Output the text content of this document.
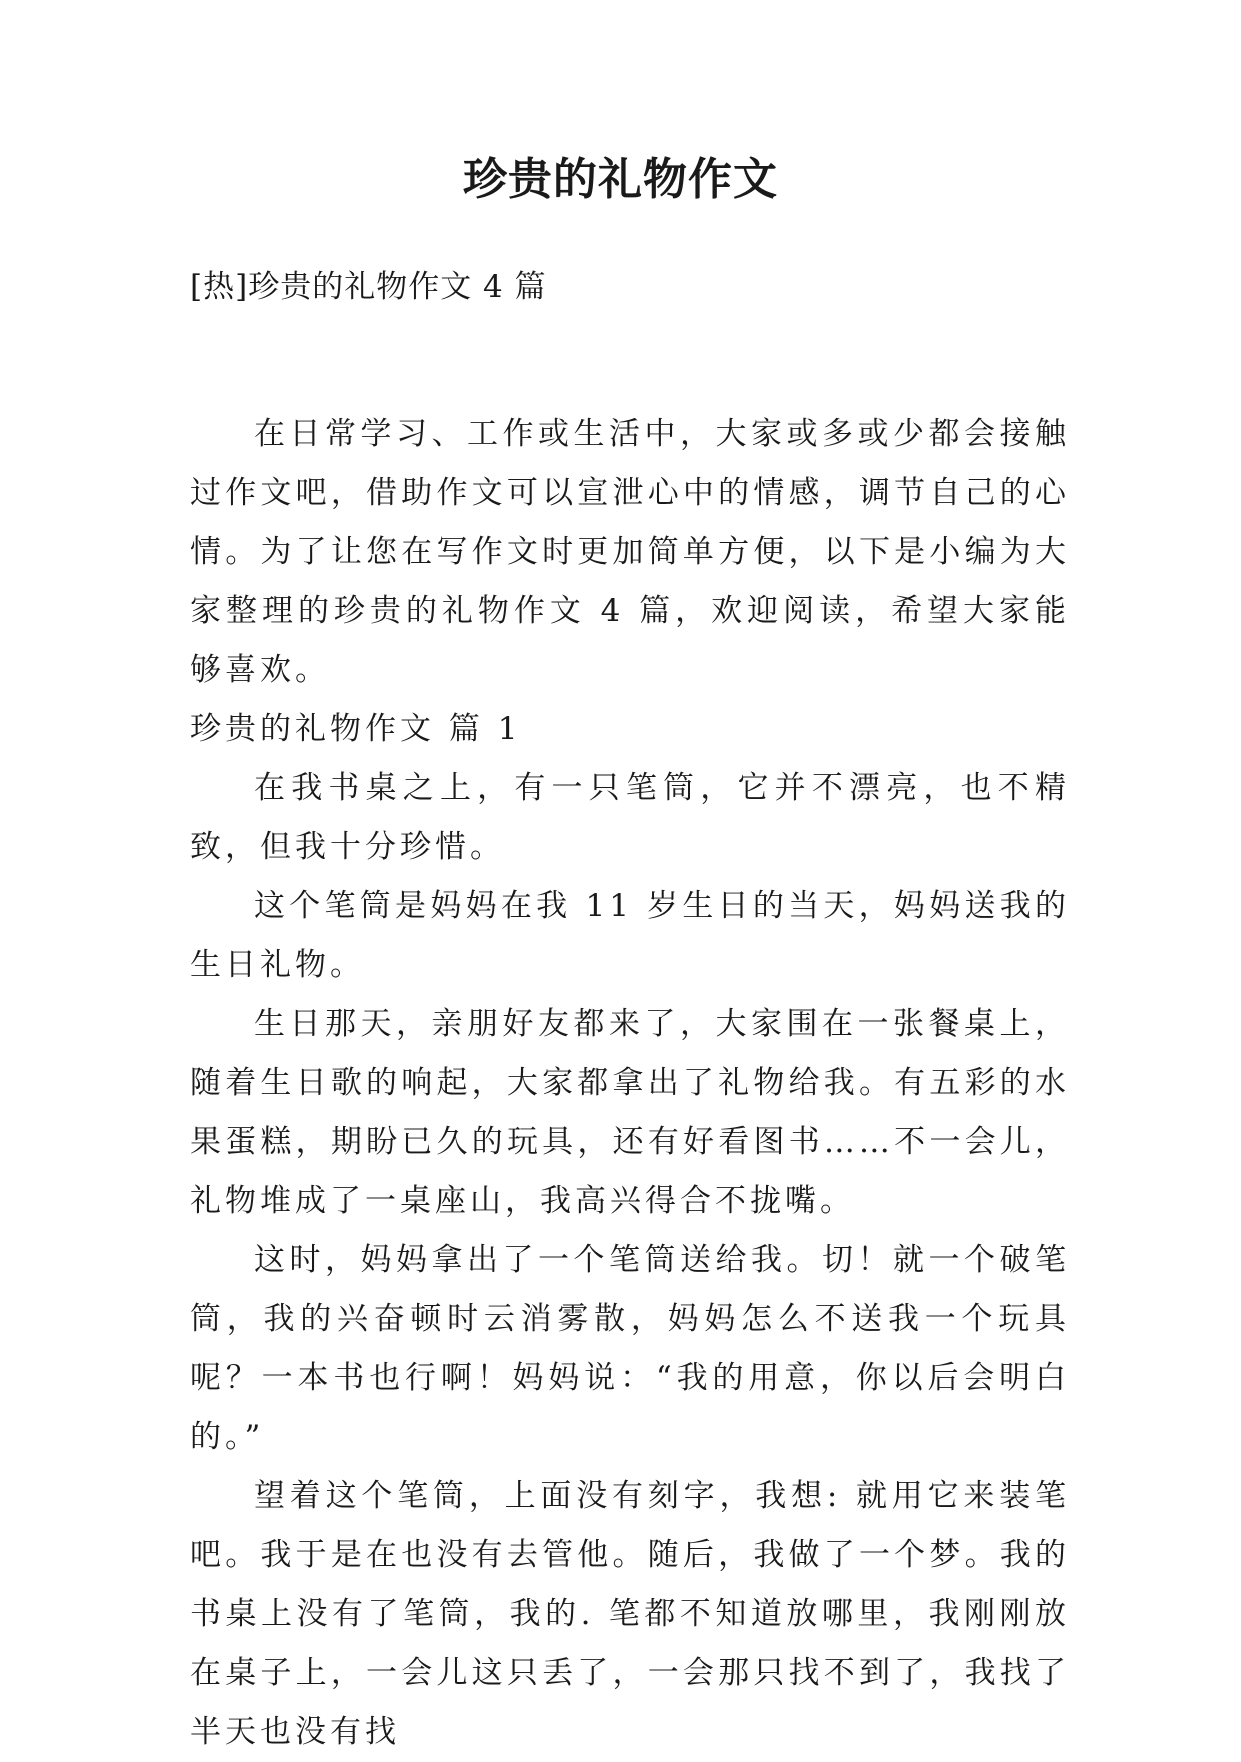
珍贵的礼物作文
[热]珍贵的礼物作文 4 篇

在日常学习、工作或生活中，大家或多或少都会接触过作文吧，借助作文可以宣泄心中的情感，调节自己的心情。为了让您在写作文时更加简单方便，以下是小编为大家整理的珍贵的礼物作文 4 篇，欢迎阅读，希望大家能够喜欢。

珍贵的礼物作文 篇 1

在我书桌之上，有一只笔筒，它并不漂亮，也不精致，但我十分珍惜。

这个笔筒是妈妈在我 11 岁生日的当天，妈妈送我的生日礼物。

生日那天，亲朋好友都来了，大家围在一张餐桌上，随着生日歌的响起，大家都拿出了礼物给我。有五彩的水果蛋糕，期盼已久的玩具，还有好看图书……不一会儿，礼物堆成了一桌座山，我高兴得合不拢嘴。

这时，妈妈拿出了一个笔筒送给我。切！就一个破笔筒，我的兴奋顿时云消雾散，妈妈怎么不送我一个玩具呢？一本书也行啊！妈妈说：“我的用意，你以后会明白的。”

望着这个笔筒，上面没有刻字，我想: 就用它来装笔吧。我于是在也没有去管他。随后，我做了一个梦。我的书桌上没有了笔筒，我的. 笔都不知道放哪里，我刚刚放在桌子上，一会儿这只丢了，一会那只找不到了，我找了半天也没有找
